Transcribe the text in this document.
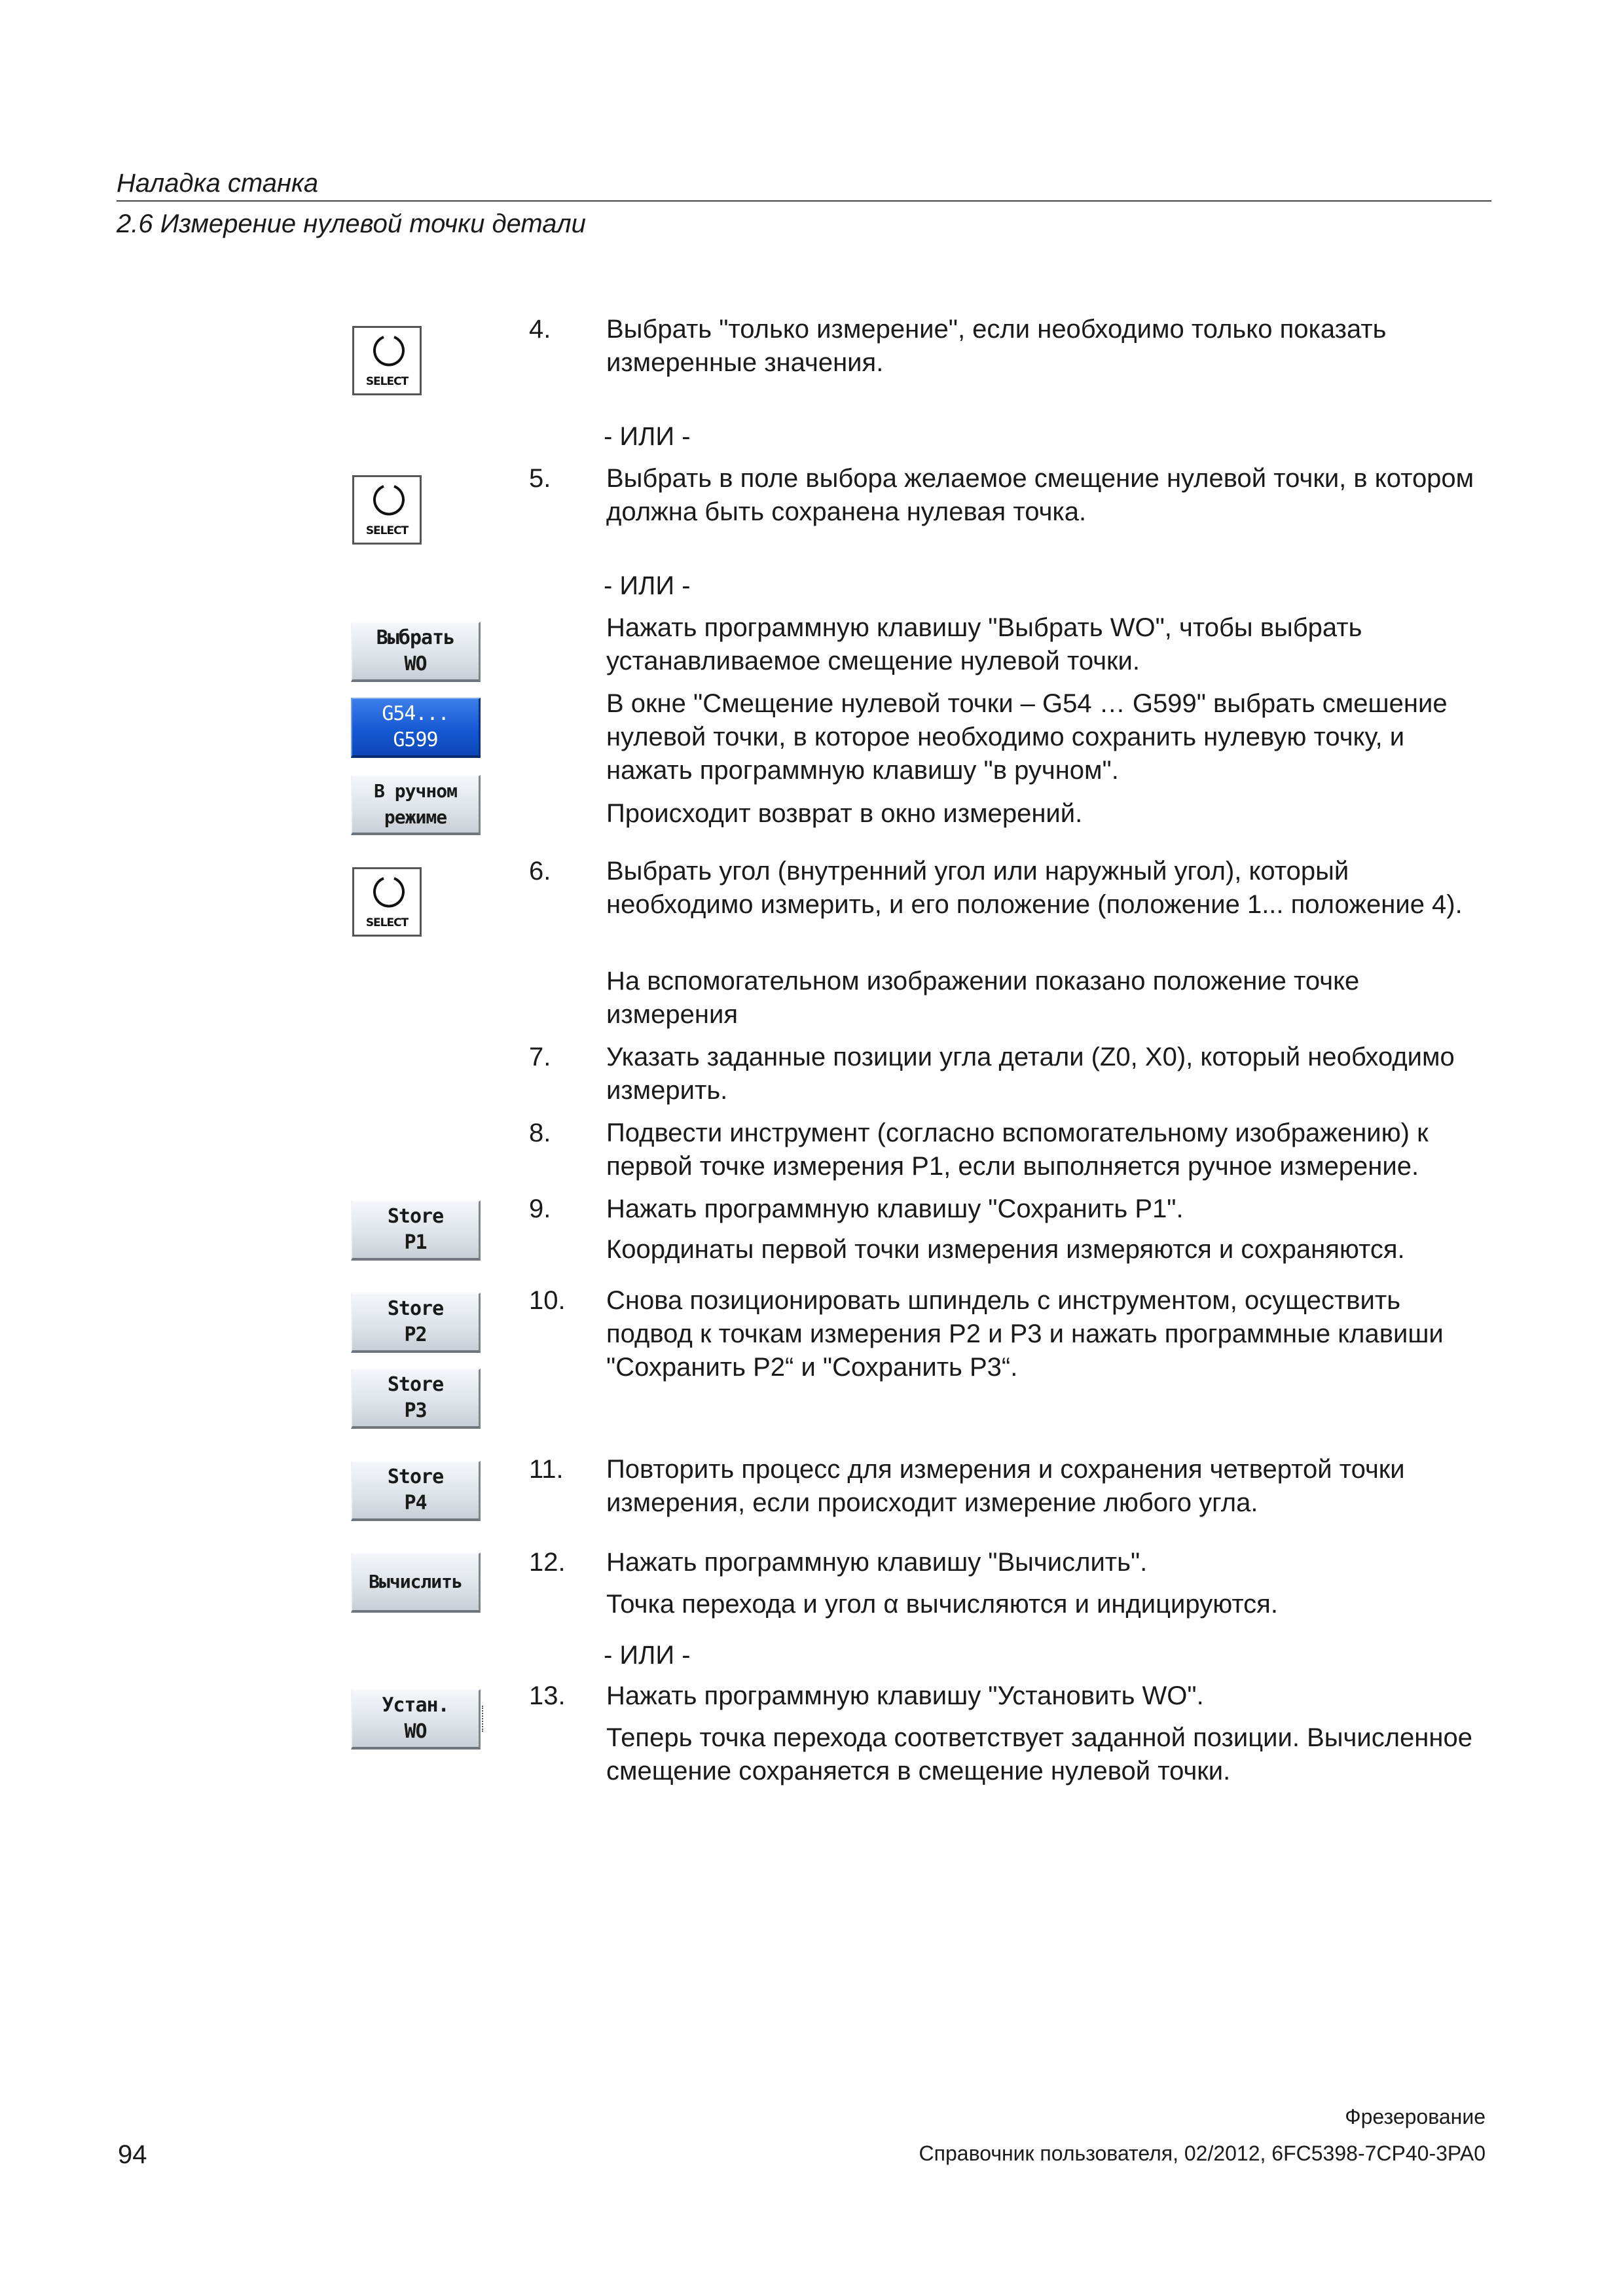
Наладка станка
2.6 Измерение нулевой точки детали
SELECT
SELECT
Выбрать
WO
G54...
G599
В ручном
режиме
SELECT
Store
P1
Store
P2
Store
P3
Store
P4
Вычислить
Устан.
WO
4. Выбрать "только измерение", если необходимо только показать измеренные значения.
- ИЛИ -
5. Выбрать в поле выбора желаемое смещение нулевой точки, в котором должна быть сохранена нулевая точка.
- ИЛИ -
Нажать программную клавишу "Выбрать WO", чтобы выбрать устанавливаемое смещение нулевой точки.
В окне "Смещение нулевой точки – G54 … G599" выбрать смешение нулевой точки, в которое необходимо сохранить нулевую точку, и нажать программную клавишу "в ручном".
Происходит возврат в окно измерений.
6. Выбрать угол (внутренний угол или наружный угол), который необходимо измерить, и его положение (положение 1... положение 4).
На вспомогательном изображении показано положение точке измерения
7. Указать заданные позиции угла детали (Z0, X0), который необходимо измерить.
8. Подвести инструмент (согласно вспомогательному изображению) к первой точке измерения P1, если выполняется ручное измерение.
9. Нажать программную клавишу "Сохранить P1".
Координаты первой точки измерения измеряются и сохраняются.
10. Снова позиционировать шпиндель с инструментом, осуществить подвод к точкам измерения P2 и P3 и нажать программные клавиши "Сохранить P2“ и "Сохранить P3“.
11. Повторить процесс для измерения и сохранения четвертой точки измерения, если происходит измерение любого угла.
12. Нажать программную клавишу "Вычислить".
Точка перехода и угол α вычисляются и индицируются.
- ИЛИ -
13. Нажать программную клавишу "Установить WO".
Теперь точка перехода соответствует заданной позиции. Вычисленное смещение сохраняется в смещение нулевой точки.
94
Фрезерование
Справочник пользователя, 02/2012, 6FC5398-7CP40-3PA0
